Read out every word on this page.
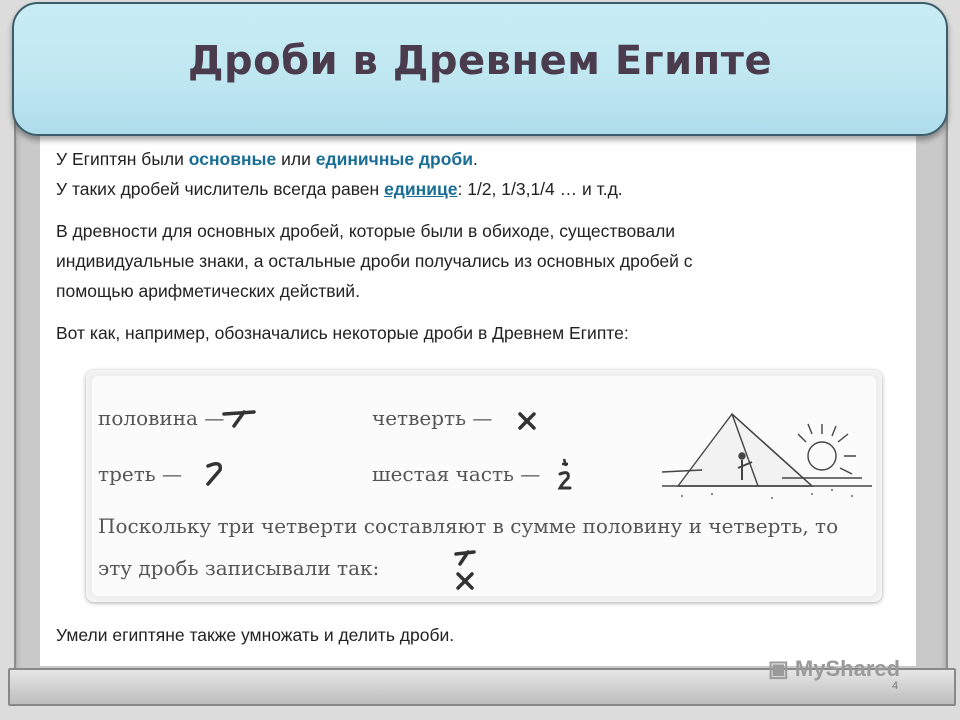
Дроби в Древнем Египте
У Египтян были основные или единичные дроби.
У таких дробей числитель всегда равен единице: 1/2, 1/3,1/4 … и т.д.
В древности для основных дробей, которые были в обиходе, существовали
индивидуальные знаки, а остальные дроби получались из основных дробей с
помощью арифметических действий.
Вот как, например, обозначались некоторые дроби в Древнем Египте:
половина —	четверть —
треть —	шестая часть —
Поскольку три четверти составляют в сумме половину и четверть, то
эту дробь записывали так:
Умели египтяне также умножать и делить дроби.
▣ MyShared
4
